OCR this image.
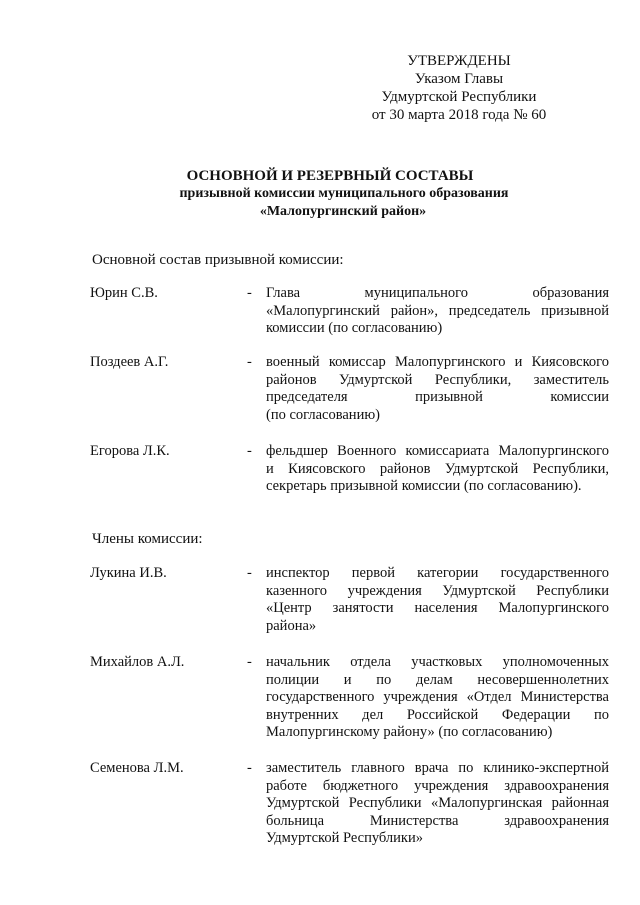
УТВЕРЖДЕНЫ
Указом Главы
Удмуртской Республики
от 30 марта 2018 года № 60
ОСНОВНОЙ И РЕЗЕРВНЫЙ СОСТАВЫ
призывной комиссии муниципального образования
«Малопургинский район»
Основной состав призывной комиссии:
Юрин С.В.	- Глава муниципального образования
«Малопургинский район», председатель призывной
комиссии (по согласованию)
Поздеев А.Г.	- военный комиссар Малопургинского и Киясовского
районов Удмуртской Республики, заместитель
председателя призывной комиссии
(по согласованию)
Егорова Л.К.	- фельдшер Военного комиссариата Малопургинского
и Киясовского районов Удмуртской Республики,
секретарь призывной комиссии (по согласованию).
Члены комиссии:
Лукина И.В.	- инспектор первой категории государственного
казенного учреждения Удмуртской Республики
«Центр занятости населения Малопургинского
района»
Михайлов А.Л.	- начальник отдела участковых уполномоченных
полиции и по делам несовершеннолетних
государственного учреждения «Отдел Министерства
внутренних дел Российской Федерации по
Малопургинскому району» (по согласованию)
Семенова Л.М.	- заместитель главного врача по клинико-экспертной
работе бюджетного учреждения здравоохранения
Удмуртской Республики «Малопургинская районная
больница Министерства здравоохранения
Удмуртской Республики»
